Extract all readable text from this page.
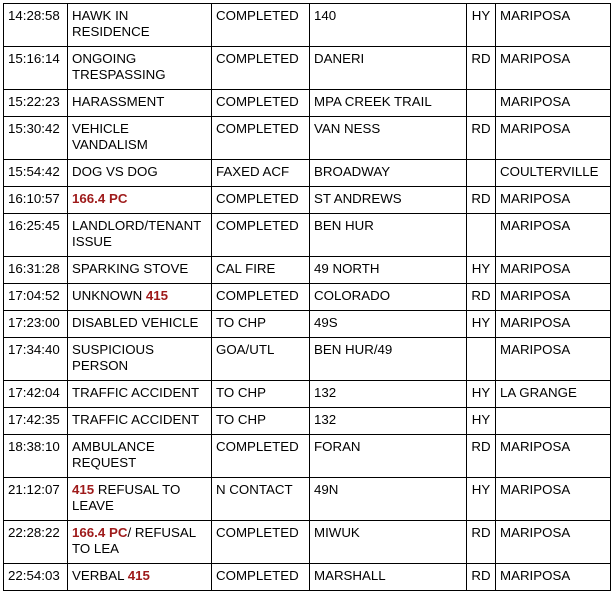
14:28:58	HAWK IN RESIDENCE	COMPLETED	140	HY	MARIPOSA
15:16:14	ONGOING TRESPASSING	COMPLETED	DANERI	RD	MARIPOSA
15:22:23	HARASSMENT	COMPLETED	MPA CREEK TRAIL		MARIPOSA
15:30:42	VEHICLE VANDALISM	COMPLETED	VAN NESS	RD	MARIPOSA
15:54:42	DOG VS DOG	FAXED ACF	BROADWAY		COULTERVILLE
16:10:57	166.4 PC	COMPLETED	ST ANDREWS	RD	MARIPOSA
16:25:45	LANDLORD/TENANT ISSUE	COMPLETED	BEN HUR		MARIPOSA
16:31:28	SPARKING STOVE	CAL FIRE	49 NORTH	HY	MARIPOSA
17:04:52	UNKNOWN 415	COMPLETED	COLORADO	RD	MARIPOSA
17:23:00	DISABLED VEHICLE	TO CHP	49S	HY	MARIPOSA
17:34:40	SUSPICIOUS PERSON	GOA/UTL	BEN HUR/49		MARIPOSA
17:42:04	TRAFFIC ACCIDENT	TO CHP	132	HY	LA GRANGE
17:42:35	TRAFFIC ACCIDENT	TO CHP	132	HY	
18:38:10	AMBULANCE REQUEST	COMPLETED	FORAN	RD	MARIPOSA
21:12:07	415 REFUSAL TO LEAVE	N CONTACT	49N	HY	MARIPOSA
22:28:22	166.4 PC/ REFUSAL TO LEA	COMPLETED	MIWUK	RD	MARIPOSA
22:54:03	VERBAL 415	COMPLETED	MARSHALL	RD	MARIPOSA
